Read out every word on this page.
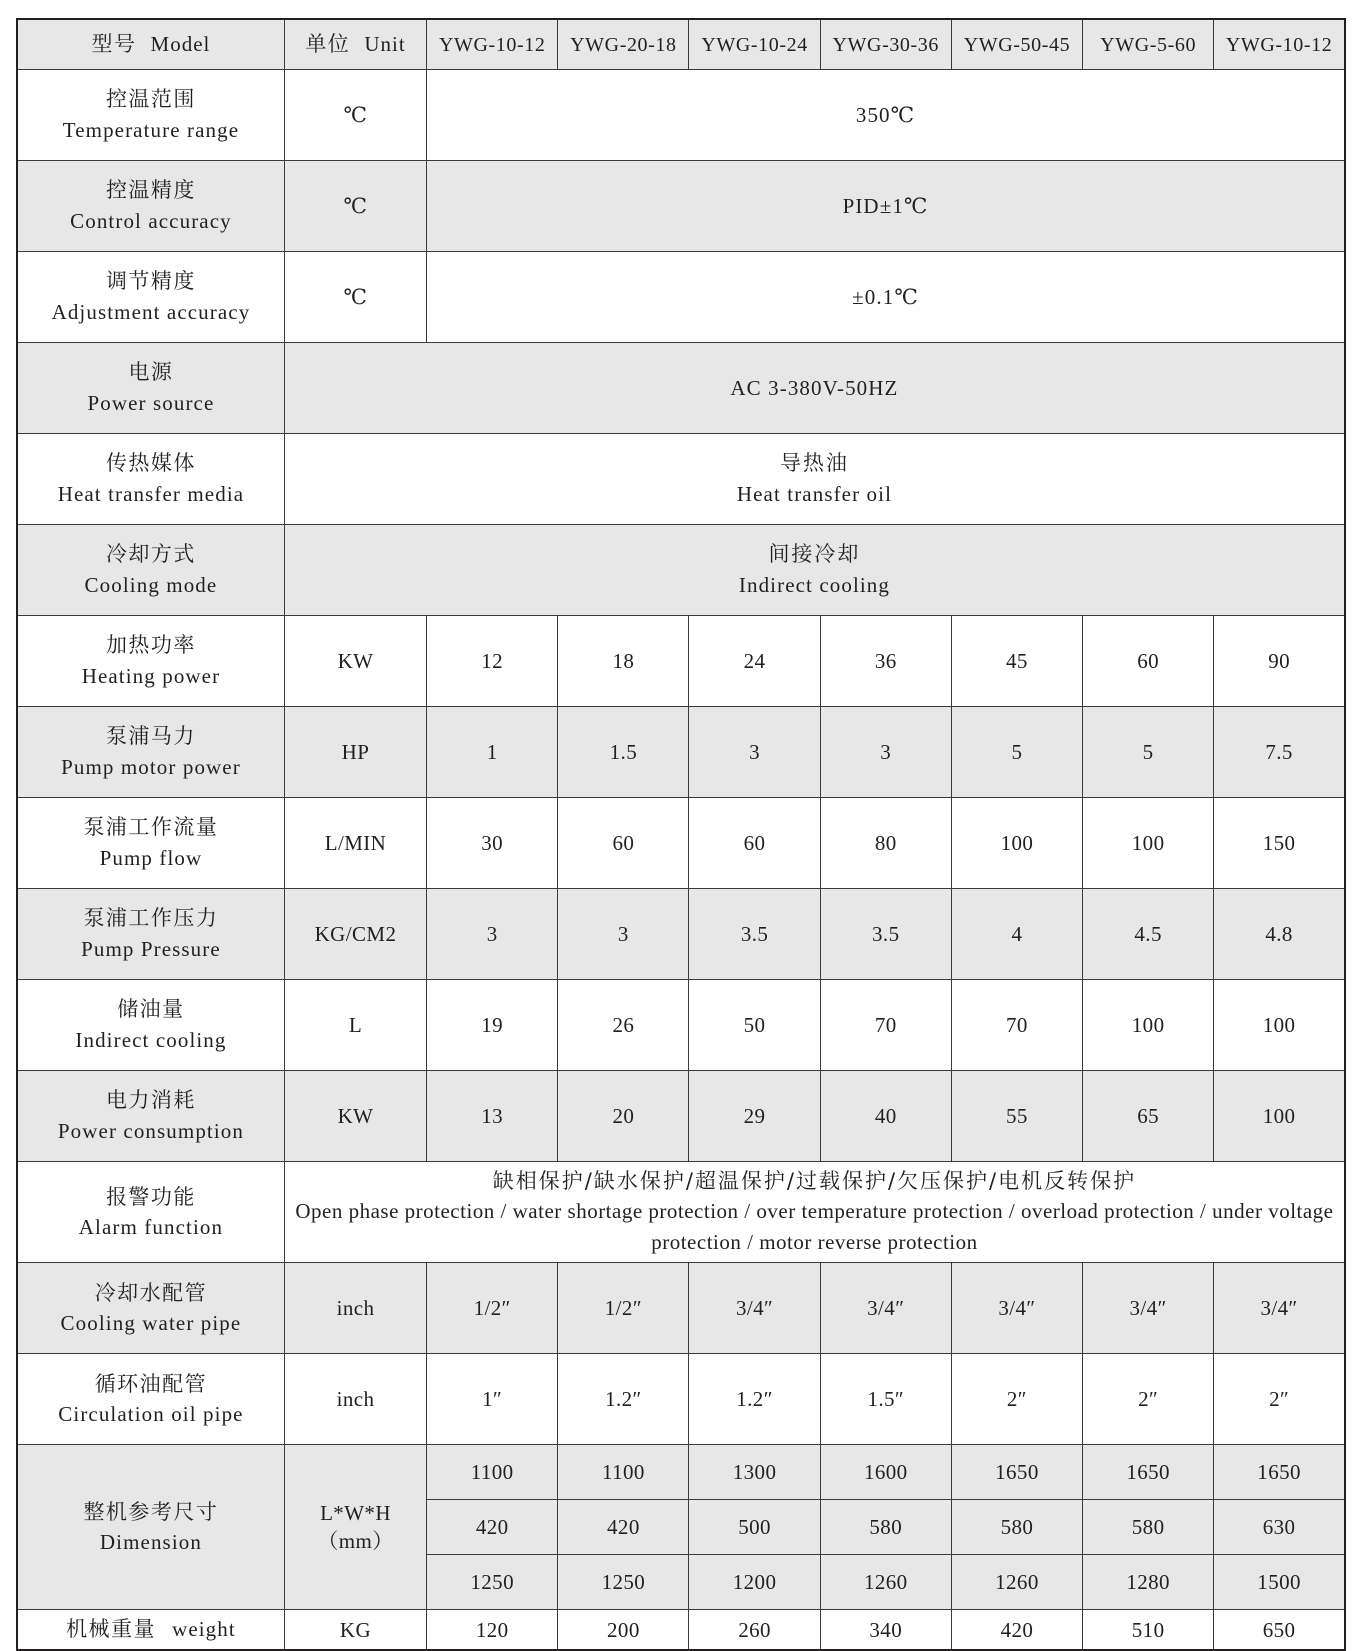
型号 Model	单位 Unit	YWG-10-12	YWG-20-18	YWG-10-24	YWG-30-36	YWG-50-45	YWG-5-60	YWG-10-12

控温范围
Temperature range	℃	350℃						

控温精度
Control accuracy	℃	PID±1℃						

调节精度
Adjustment accuracy	℃	±0.1℃						

电源
Power source	AC 3-380V-50HZ							

传热媒体
Heat transfer media	导热油
Heat transfer oil							

冷却方式
Cooling mode	间接冷却
Indirect cooling							

加热功率
Heating power	KW	12	18	24	36	45	60	90

泵浦马力
Pump motor power	HP	1	1.5	3	3	5	5	7.5

泵浦工作流量
Pump flow	L/MIN	30	60	60	80	100	100	150

泵浦工作压力
Pump Pressure	KG/CM2	3	3	3.5	3.5	4	4.5	4.8

储油量
Indirect cooling	L	19	26	50	70	70	100	100

电力消耗
Power consumption	KW	13	20	29	40	55	65	100

报警功能
Alarm function	缺相保护/缺水保护/超温保护/过载保护/欠压保护/电机反转保护
Open phase protection / water shortage protection / over temperature protection / overload protection / under voltage protection / motor reverse protection							

冷却水配管
Cooling water pipe	inch	1/2″	1/2″	3/4″	3/4″	3/4″	3/4″	3/4″

循环油配管
Circulation oil pipe	inch	1″	1.2″	1.2″	1.5″	2″	2″	2″

整机参考尺寸
Dimension	L*W*H（mm）	1100	1100	1300	1600	1650	1650	1650
		420	420	500	580	580	580	630
		1250	1250	1200	1260	1260	1280	1500
机械重量 weight	KG	120	200	260	340	420	510	650
